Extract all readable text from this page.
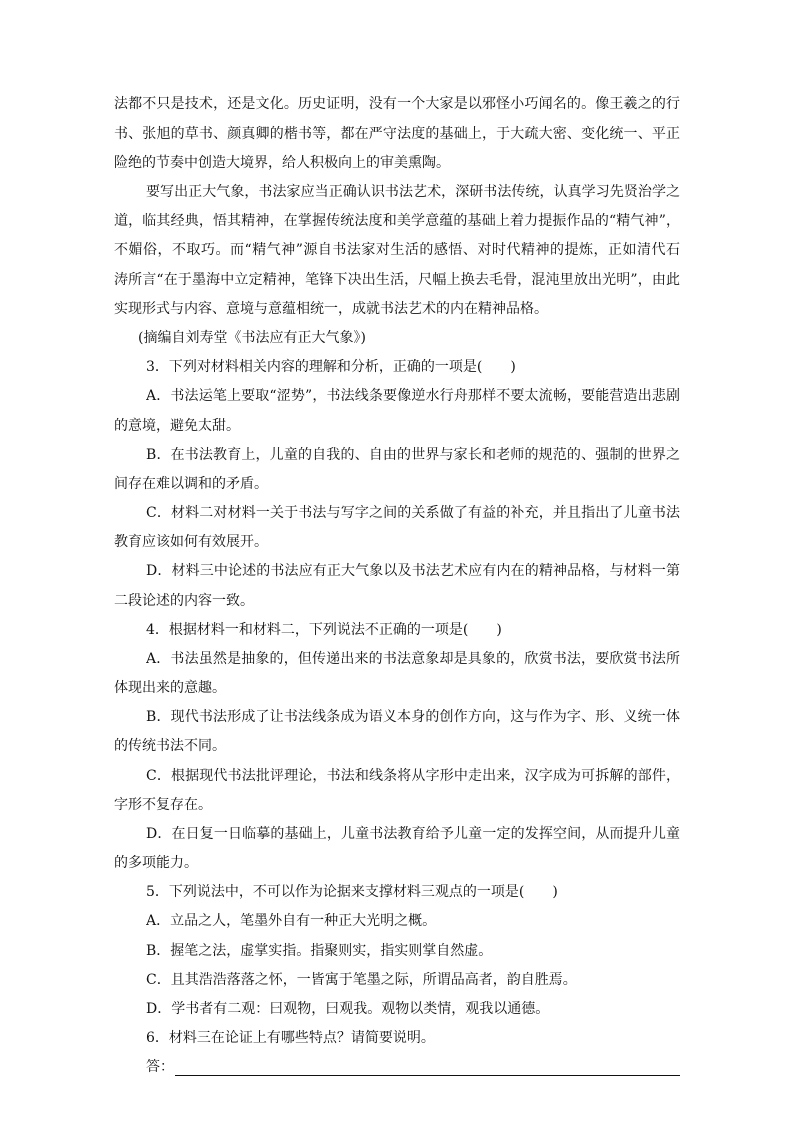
法都不只是技术，还是文化。历史证明，没有一个大家是以邪怪小巧闻名的。像王羲之的行
书、张旭的草书、颜真卿的楷书等，都在严守法度的基础上，于大疏大密、变化统一、平正
险绝的节奏中创造大境界，给人积极向上的审美熏陶。
要写出正大气象，书法家应当正确认识书法艺术，深研书法传统，认真学习先贤治学之
道，临其经典，悟其精神，在掌握传统法度和美学意蕴的基础上着力提振作品的“精气神”，
不媚俗，不取巧。而“精气神”源自书法家对生活的感悟、对时代精神的提炼，正如清代石
涛所言“在于墨海中立定精神，笔锋下决出生活，尺幅上换去毛骨，混沌里放出光明”，由此
实现形式与内容、意境与意蕴相统一，成就书法艺术的内在精神品格。
(摘编自刘寿堂《书法应有正大气象》)
3．下列对材料相关内容的理解和分析，正确的一项是(　　)
A．书法运笔上要取“涩势”，书法线条要像逆水行舟那样不要太流畅，要能营造出悲剧
的意境，避免太甜。
B．在书法教育上，儿童的自我的、自由的世界与家长和老师的规范的、强制的世界之
间存在难以调和的矛盾。
C．材料二对材料一关于书法与写字之间的关系做了有益的补充，并且指出了儿童书法
教育应该如何有效展开。
D．材料三中论述的书法应有正大气象以及书法艺术应有内在的精神品格，与材料一第
二段论述的内容一致。
4．根据材料一和材料二，下列说法不正确的一项是(　　)
A．书法虽然是抽象的，但传递出来的书法意象却是具象的，欣赏书法，要欣赏书法所
体现出来的意趣。
B．现代书法形成了让书法线条成为语义本身的创作方向，这与作为字、形、义统一体
的传统书法不同。
C．根据现代书法批评理论，书法和线条将从字形中走出来，汉字成为可拆解的部件，
字形不复存在。
D．在日复一日临摹的基础上，儿童书法教育给予儿童一定的发挥空间，从而提升儿童
的多项能力。
5．下列说法中，不可以作为论据来支撑材料三观点的一项是(　　)
A．立品之人，笔墨外自有一种正大光明之概。
B．握笔之法，虚掌实指。指聚则实，指实则掌自然虚。
C．且其浩浩落落之怀，一皆寓于笔墨之际，所谓品高者，韵自胜焉。
D．学书者有二观：曰观物，曰观我。观物以类情，观我以通德。
6．材料三在论证上有哪些特点？请简要说明。
答：
